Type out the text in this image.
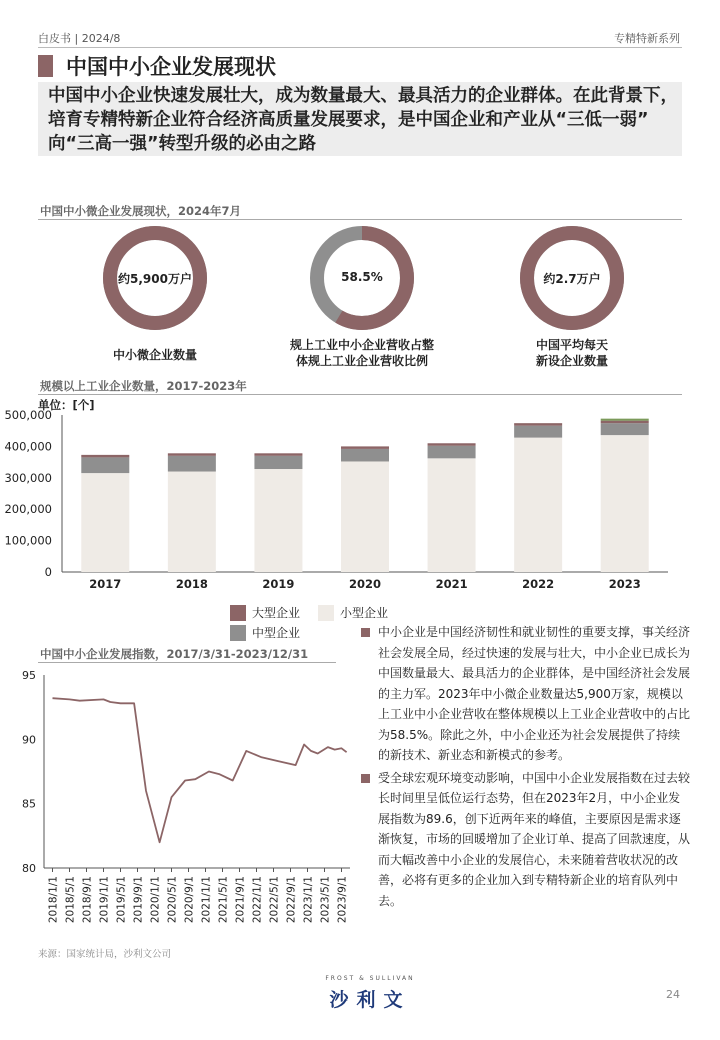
白皮书 | 2024/8	专精特新系列
中国中小企业发展现状
中国中小企业快速发展壮大，成为数量最大、最具活力的企业群体。在此背景下，培育专精特新企业符合经济高质量发展要求，是中国企业和产业从“三低一弱” 向“三高一强”转型升级的必由之路
中国中小微企业发展现状，2024年7月
约5,900万户	58.5%	约2.7万户
中小微企业数量
规上工业中小企业营收占整
体规上工业企业营收比例
中国平均每天
新设企业数量
规模以上工业企业数量，2017-2023年
单位：[个]
0
100,000
200,000
300,000
400,000
500,000
2017	2018	2019	2020	2021	2022	2023
大型企业	小型企业
中型企业
中国中小企业发展指数，2017/3/31-2023/12/31
80
85
90
95
2018/1/1 2018/5/1 2018/9/1 2019/1/1 2019/5/1 2019/9/1 2020/1/1 2020/5/1 2020/9/1 2021/1/1 2021/5/1 2021/9/1 2022/1/1 2022/5/1 2022/9/1 2023/1/1 2023/5/1 2023/9/1
中小企业是中国经济韧性和就业韧性的重要支撑，事关经济社会发展全局，经过快速的发展与壮大，中小企业已成长为中国数量最大、最具活力的企业群体，是中国经济社会发展的主力军。2023年中小微企业数量达5,900万家，规模以上工业中小企业营收在整体规模以上工业企业营收中的占比为58.5%。除此之外，中小企业还为社会发展提供了持续的新技术、新业态和新模式的参考。
受全球宏观环境变动影响，中国中小企业发展指数在过去较长时间里呈低位运行态势，但在2023年2月，中小企业发展指数为89.6，创下近两年来的峰值，主要原因是需求逐渐恢复，市场的回暖增加了企业订单、提高了回款速度，从而大幅改善中小企业的发展信心，未来随着营收状况的改善，必将有更多的企业加入到专精特新企业的培育队列中去。
来源：国家统计局，沙利文公司
FROST & SULLIVAN
沙利文	24
